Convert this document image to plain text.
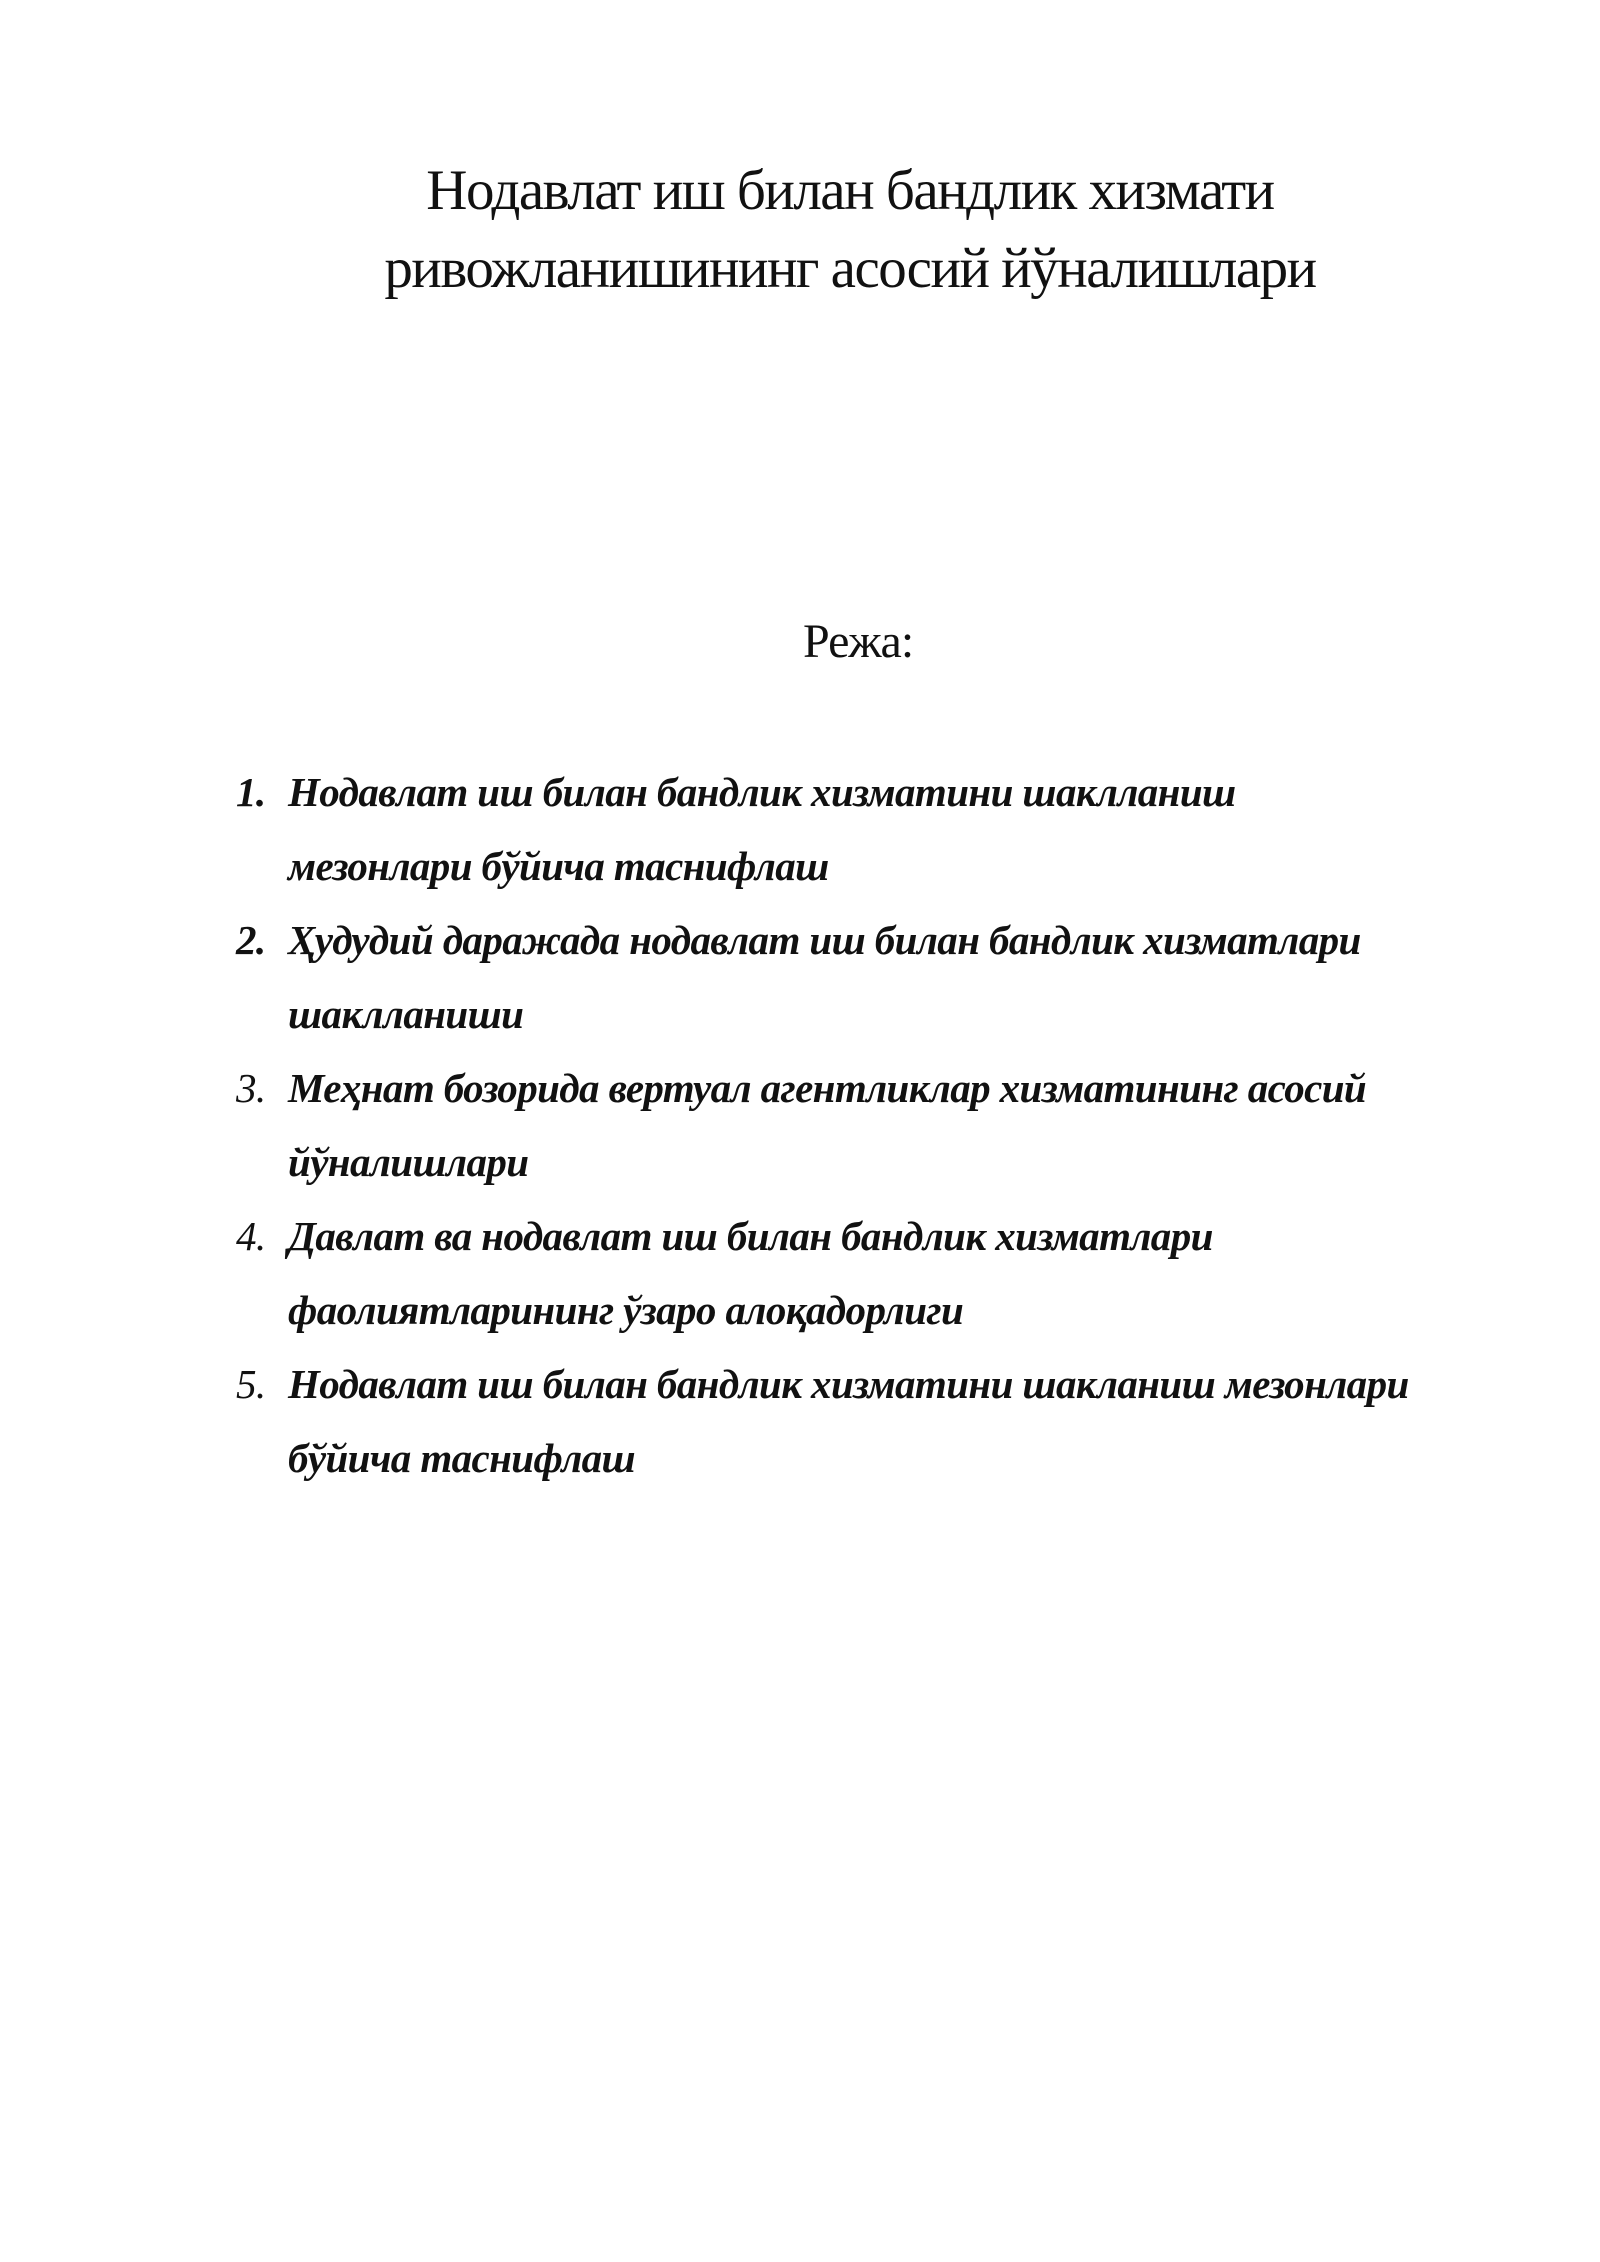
Нодавлат иш билан бандлик хизмати
ривожланишининг асосий йўналишлари
Режа:
1. Нодавлат иш билан бандлик хизматини шаклланиш
мезонлари бўйича таснифлаш
2. Ҳудудий даражада нодавлат иш билан бандлик хизматлари
шаклланиши
3. Меҳнат бозорида вертуал агентликлар хизматининг асосий
йўналишлари
4. Давлат ва нодавлат иш билан бандлик хизматлари
фаолиятларининг ўзаро алоқадорлиги
5. Нодавлат иш билан бандлик хизматини шакланиш мезонлари
бўйича таснифлаш
